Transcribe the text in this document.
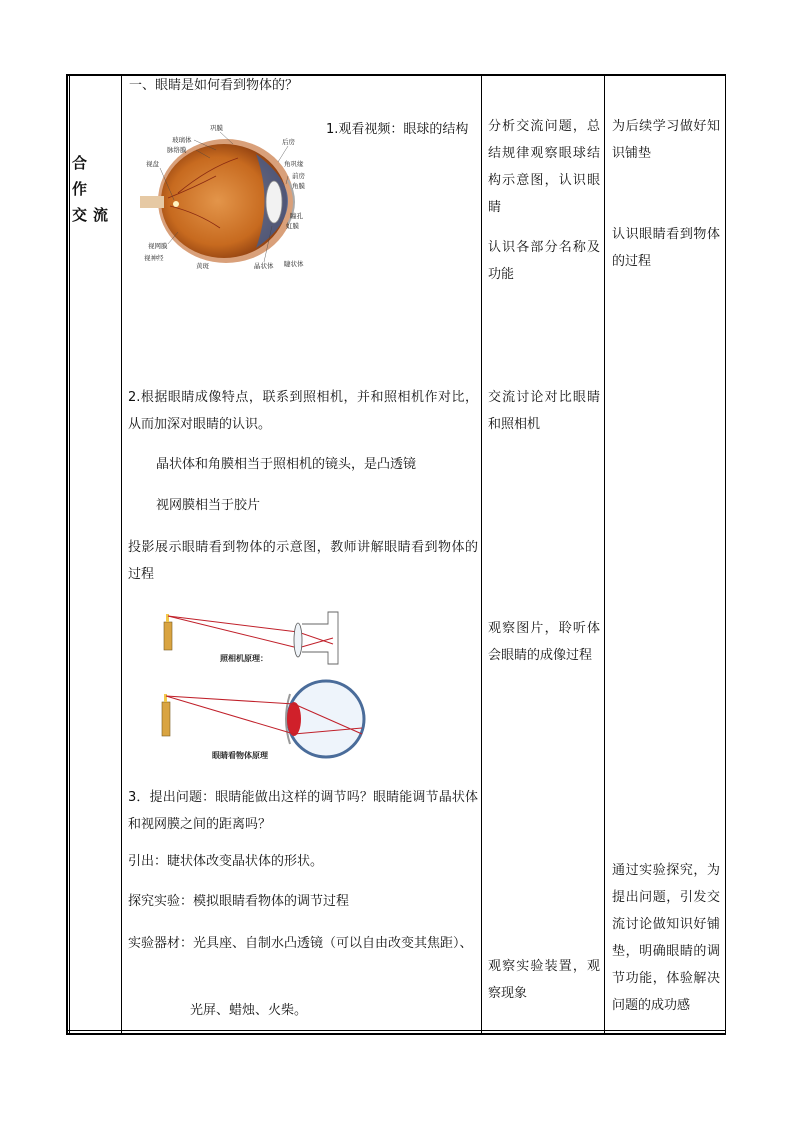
合 作
交流
一、眼睛是如何看到物体的？
巩膜
玻璃体
脉络膜
视盘
后房
角巩缘
前房
角膜
瞳孔
虹膜
视网膜
视神经
黄斑	晶状体 睫状体
1.观看视频：眼球的结构
2.根据眼睛成像特点，联系到照相机，并和照相机作对比，从而加深对眼睛的认识。
晶状体和角膜相当于照相机的镜头，是凸透镜
视网膜相当于胶片
投影展示眼睛看到物体的示意图，教师讲解眼睛看到物体的过程
照相机原理：
眼睛看物体原理
3．提出问题：眼睛能做出这样的调节吗？眼睛能调节晶状体和视网膜之间的距离吗？
引出：睫状体改变晶状体的形状。
探究实验：模拟眼睛看物体的调节过程
实验器材：光具座、自制水凸透镜（可以自由改变其焦距）、
光屏、蜡烛、火柴。
分析交流问题，总结规律观察眼球结构示意图，认识眼睛
认识各部分名称及功能
交流讨论对比眼睛和照相机
观察图片，聆听体会眼睛的成像过程
观察实验装置，观察现象
为后续学习做好知识铺垫
认识眼睛看到物体的过程
通过实验探究，为提出问题，引发交流讨论做知识好铺垫，明确眼睛的调节功能，体验解决问题的成功感
